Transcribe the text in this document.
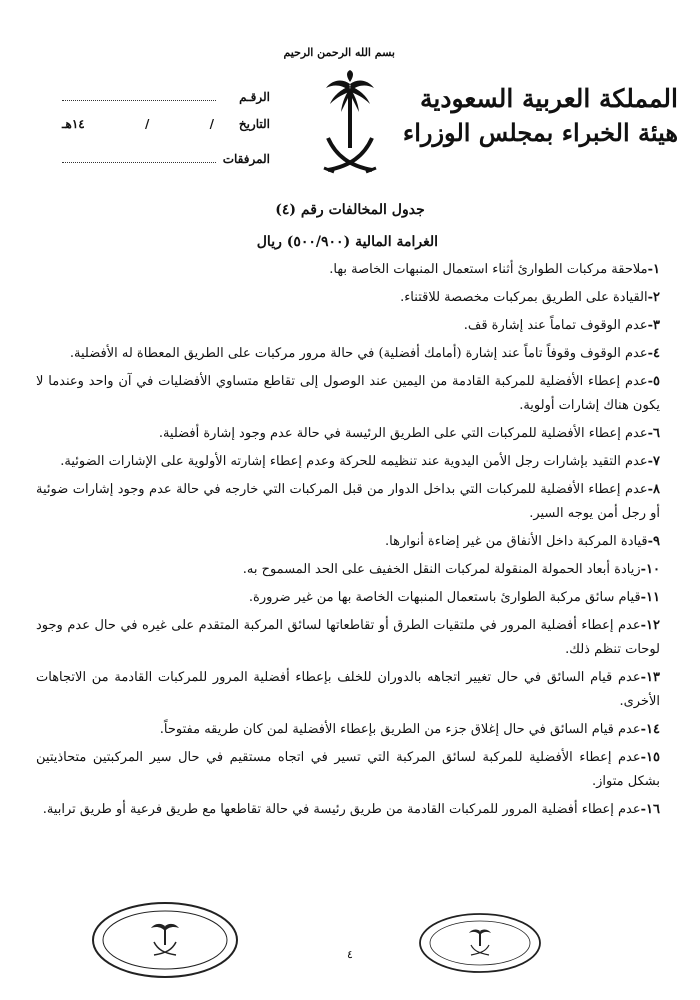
بسم الله الرحمن الرحيم
المملكة العربية السعودية
هيئة الخبراء بمجلس الوزراء
الرقـم
التاريخ
/
/
١٤هـ
المرفقات
جدول المخالفات رقم (٤)
الغرامة المالية (٥٠٠/٩٠٠) ريال
١-ملاحقة مركبات الطوارئ أثناء استعمال المنبهات الخاصة بها.
٢-القيادة على الطريق بمركبات مخصصة للاقتناء.
٣-عدم الوقوف تماماً عند إشارة قف.
٤-عدم الوقوف وقوفاً تاماً عند إشارة (أمامك أفضلية) في حالة مرور مركبات على الطريق المعطاة له الأفضلية.
٥-عدم إعطاء الأفضلية للمركبة القادمة من اليمين عند الوصول إلى تقاطع متساوي الأفضليات في آن واحد وعندما لا يكون هناك إشارات أولوية.
٦-عدم إعطاء الأفضلية للمركبات التي على الطريق الرئيسة في حالة عدم وجود إشارة أفضلية.
٧-عدم التقيد بإشارات رجل الأمن اليدوية عند تنظيمه للحركة وعدم إعطاء إشارته الأولوية على الإشارات الضوئية.
٨-عدم إعطاء الأفضلية للمركبات التي بداخل الدوار من قبل المركبات التي خارجه في حالة عدم وجود إشارات ضوئية أو رجل أمن يوجه السير.
٩-قيادة المركبة داخل الأنفاق من غير إضاءة أنوارها.
١٠-زيادة أبعاد الحمولة المنقولة لمركبات النقل الخفيف على الحد المسموح به.
١١-قيام سائق مركبة الطوارئ باستعمال المنبهات الخاصة بها من غير ضرورة.
١٢-عدم إعطاء أفضلية المرور في ملتقيات الطرق أو تقاطعاتها لسائق المركبة المتقدم على غيره في حال عدم وجود لوحات تنظم ذلك.
١٣-عدم قيام السائق في حال تغيير اتجاهه بالدوران للخلف بإعطاء أفضلية المرور للمركبات القادمة من الاتجاهات الأخرى.
١٤-عدم قيام السائق في حال إغلاق جزء من الطريق بإعطاء الأفضلية لمن كان طريقه مفتوحاً.
١٥-عدم إعطاء الأفضلية للمركبة لسائق المركبة التي تسير في اتجاه مستقيم في حال سير المركبتين متحاذيتين بشكل متواز.
١٦-عدم إعطاء أفضلية المرور للمركبات القادمة من طريق رئيسة في حالة تقاطعها مع طريق فرعية أو طريق ترابية.
٤
